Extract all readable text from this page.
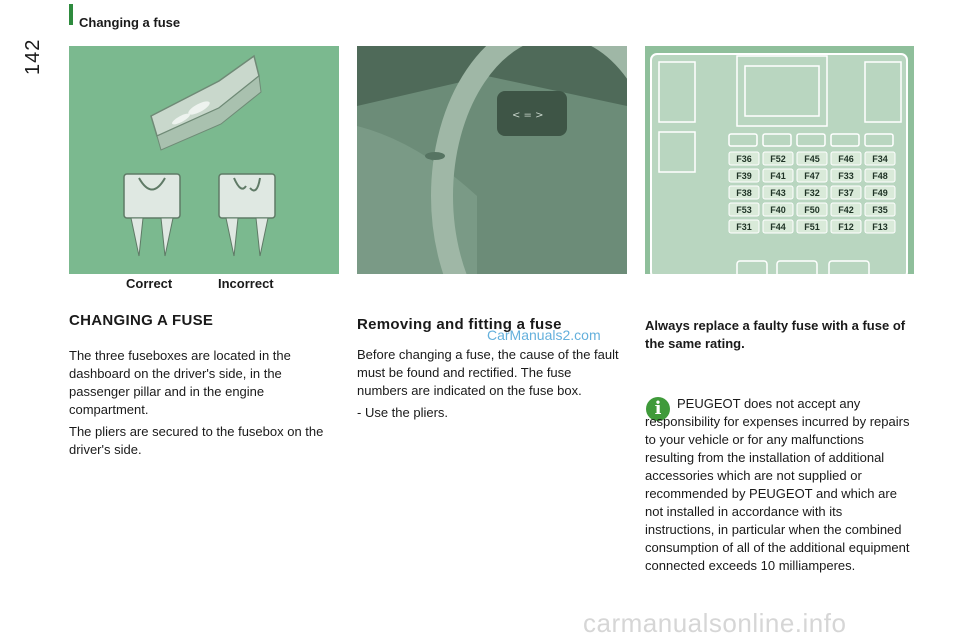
Changing a fuse
142
Correct	Incorrect
< = >
F36 F52 F45 F46 F34
F39 F41 F47 F33 F48
F38 F43 F32 F37 F49
F53 F40 F50 F42 F35
F31 F44 F51 F12 F13
CHANGING A FUSE

The three fuseboxes are located in the dashboard on the driver's side, in the passenger pillar and in the engine compartment.

The pliers are secured to the fusebox on the driver's side.

Removing and fitting a fuse
CarManuals2.com

Before changing a fuse, the cause of the fault must be found and rectified. The fuse numbers are indicated on the fuse box.

- Use the pliers.

Always replace a faulty fuse with a fuse of the same rating.
i	PEUGEOT does not accept any responsibility for expenses incurred by repairs to your vehicle or for any malfunctions resulting from the installation of additional accessories which are not supplied or recommended by PEUGEOT and which are not installed in accordance with its instructions, in particular when the combined consumption of all of the additional equipment connected exceeds 10 milliamperes.
carmanualsonline.info
